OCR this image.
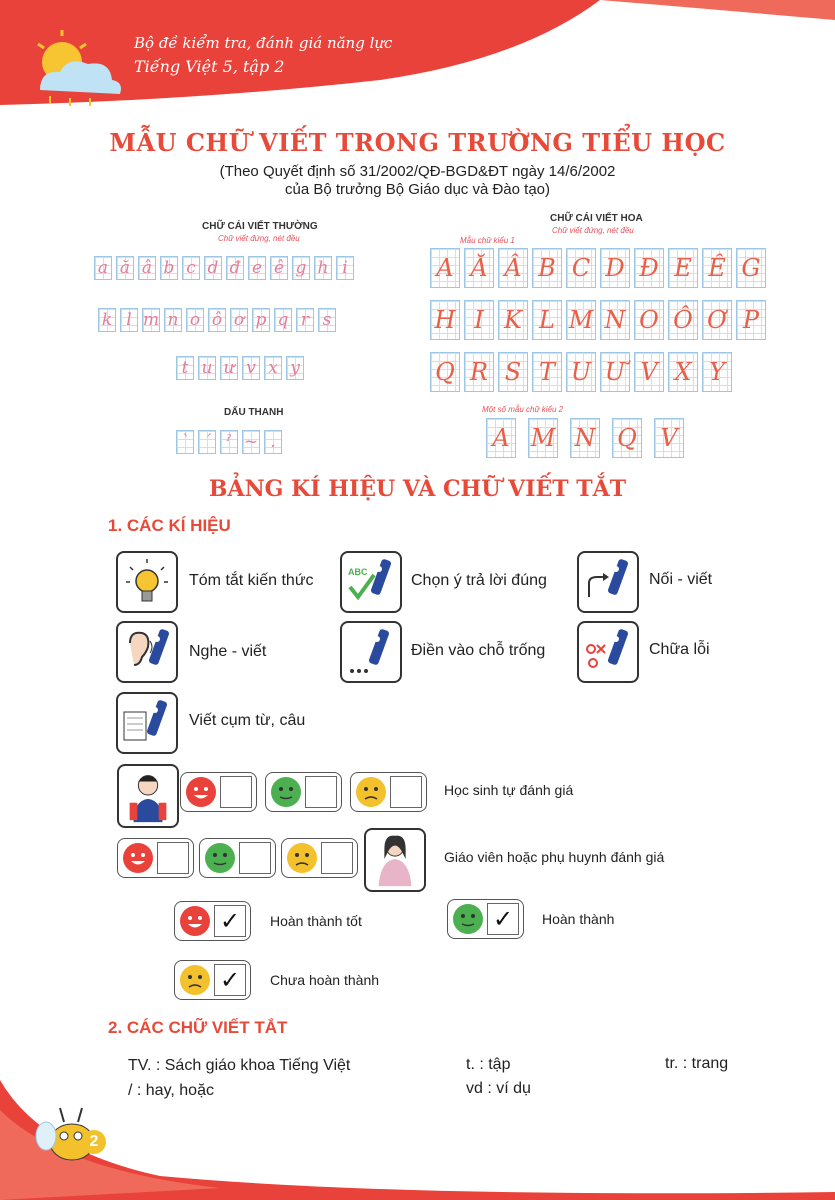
Bộ đề kiểm tra, đánh giá năng lực
Tiếng Việt 5, tập 2
MẪU CHỮ VIẾT TRONG TRƯỜNG TIỂU HỌC
(Theo Quyết định số 31/2002/QĐ-BGD&ĐT ngày 14/6/2002
của Bộ trưởng Bộ Giáo dục và Đào tạo)
CHỮ CÁI VIẾT THƯỜNG
Chữ viết đứng, nét đều
CHỮ CÁI VIẾT HOA
Chữ viết đứng, nét đều
Mẫu chữ kiểu 1
a ă â b c d đ e ê g h i
k l m n o ô ơ p q r s
t u ư v x y
A Ă Â B C D Đ E Ê G
H I K L M N O Ô Ơ P
Q R S T U Ư V X Y
DẤU THANH	Một số mẫu chữ kiểu 2
` ´ ˀ ~ .	A M N Q V
BẢNG KÍ HIỆU VÀ CHỮ VIẾT TẮT
1. CÁC KÍ HIỆU
Tóm tắt kiến thức	ABC	Chọn ý trả lời đúng	Nối - viết
Nghe - viết	Điền vào chỗ trống	Chữa lỗi
Viết cụm từ, câu
Học sinh tự đánh giá
Giáo viên hoặc phụ huynh đánh giá
✓	Hoàn thành tốt	✓	Hoàn thành
✓	Chưa hoàn thành
2. CÁC CHỮ VIẾT TẮT
TV. : Sách giáo khoa Tiếng Việt	t. : tập	tr. : trang
/ : hay, hoặc	vd : ví dụ
2
